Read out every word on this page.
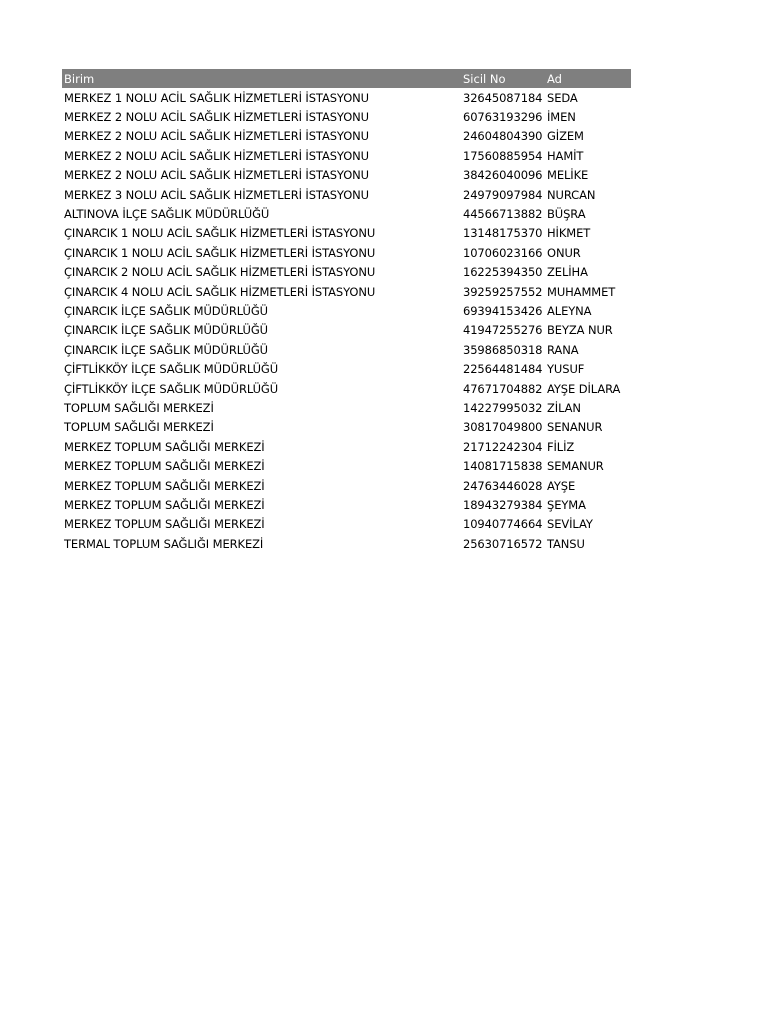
Birim	Sicil No	Ad
MERKEZ 1 NOLU ACİL SAĞLIK HİZMETLERİ İSTASYONU	32645087184	SEDA
MERKEZ 2 NOLU ACİL SAĞLIK HİZMETLERİ İSTASYONU	60763193296	İMEN
MERKEZ 2 NOLU ACİL SAĞLIK HİZMETLERİ İSTASYONU	24604804390	GİZEM
MERKEZ 2 NOLU ACİL SAĞLIK HİZMETLERİ İSTASYONU	17560885954	HAMİT
MERKEZ 2 NOLU ACİL SAĞLIK HİZMETLERİ İSTASYONU	38426040096	MELİKE
MERKEZ 3 NOLU ACİL SAĞLIK HİZMETLERİ İSTASYONU	24979097984	NURCAN
ALTINOVA İLÇE SAĞLIK MÜDÜRLÜĞÜ	44566713882	BÜŞRA
ÇINARCIK 1 NOLU ACİL SAĞLIK HİZMETLERİ İSTASYONU	13148175370	HİKMET
ÇINARCIK 1 NOLU ACİL SAĞLIK HİZMETLERİ İSTASYONU	10706023166	ONUR
ÇINARCIK 2 NOLU ACİL SAĞLIK HİZMETLERİ İSTASYONU	16225394350	ZELİHA
ÇINARCIK 4 NOLU ACİL SAĞLIK HİZMETLERİ İSTASYONU	39259257552	MUHAMMET
ÇINARCIK İLÇE SAĞLIK MÜDÜRLÜĞÜ	69394153426	ALEYNA
ÇINARCIK İLÇE SAĞLIK MÜDÜRLÜĞÜ	41947255276	BEYZA NUR
ÇINARCIK İLÇE SAĞLIK MÜDÜRLÜĞÜ	35986850318	RANA
ÇİFTLİKKÖY İLÇE SAĞLIK MÜDÜRLÜĞÜ	22564481484	YUSUF
ÇİFTLİKKÖY İLÇE SAĞLIK MÜDÜRLÜĞÜ	47671704882	AYŞE DİLARA
TOPLUM SAĞLIĞI MERKEZİ	14227995032	ZİLAN
TOPLUM SAĞLIĞI MERKEZİ	30817049800	SENANUR
MERKEZ TOPLUM SAĞLIĞI MERKEZİ	21712242304	FİLİZ
MERKEZ TOPLUM SAĞLIĞI MERKEZİ	14081715838	SEMANUR
MERKEZ TOPLUM SAĞLIĞI MERKEZİ	24763446028	AYŞE
MERKEZ TOPLUM SAĞLIĞI MERKEZİ	18943279384	ŞEYMA
MERKEZ TOPLUM SAĞLIĞI MERKEZİ	10940774664	SEVİLAY
TERMAL TOPLUM SAĞLIĞI MERKEZİ	25630716572	TANSU
